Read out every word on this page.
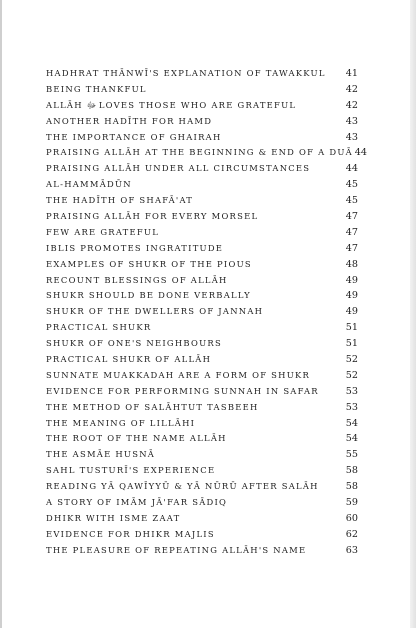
HADHRAT THĀNWĪ'S EXPLANATION OF TAWAKKUL 41
BEING THANKFUL	42
ALLĀH ﷻ LOVES THOSE WHO ARE GRATEFUL	42
ANOTHER HADĪTH FOR HAMD	43
THE IMPORTANCE OF GHAIRAH	43
PRAISING ALLĀH AT THE BEGINNING & END OF A DUĀ 44
PRAISING ALLĀH UNDER ALL CIRCUMSTANCES	44
AL-HAMMĀDŪN	45
THE HADĪTH OF SHAFĀ'AT	45
PRAISING ALLĀH FOR EVERY MORSEL	47
FEW ARE GRATEFUL	47
IBLIS PROMOTES INGRATITUDE	47
EXAMPLES OF SHUKR OF THE PIOUS	48
RECOUNT BLESSINGS OF ALLĀH	49
SHUKR SHOULD BE DONE VERBALLY	49
SHUKR OF THE DWELLERS OF JANNAH	49
PRACTICAL SHUKR	51
SHUKR OF ONE'S NEIGHBOURS	51
PRACTICAL SHUKR OF ALLĀH	52
SUNNATE MUAKKADAH ARE A FORM OF SHUKR	52
EVIDENCE FOR PERFORMING SUNNAH IN SAFAR	53
THE METHOD OF SALĀHTUT TASBEEH	53
THE MEANING OF LILLĀHI	54
THE ROOT OF THE NAME ALLĀH	54
THE ASMĀE HUSNĀ	55
SAHL TUSTURĪ'S EXPERIENCE	58
READING YĀ QAWĪYYŪ & YĀ NŪRŪ AFTER SALĀH	58
A STORY OF IMĀM JĀ'FAR SĀDIQ	59
DHIKR WITH ISME ZAAT	60
EVIDENCE FOR DHIKR MAJLIS	62
THE PLEASURE OF REPEATING ALLĀH'S NAME	63
